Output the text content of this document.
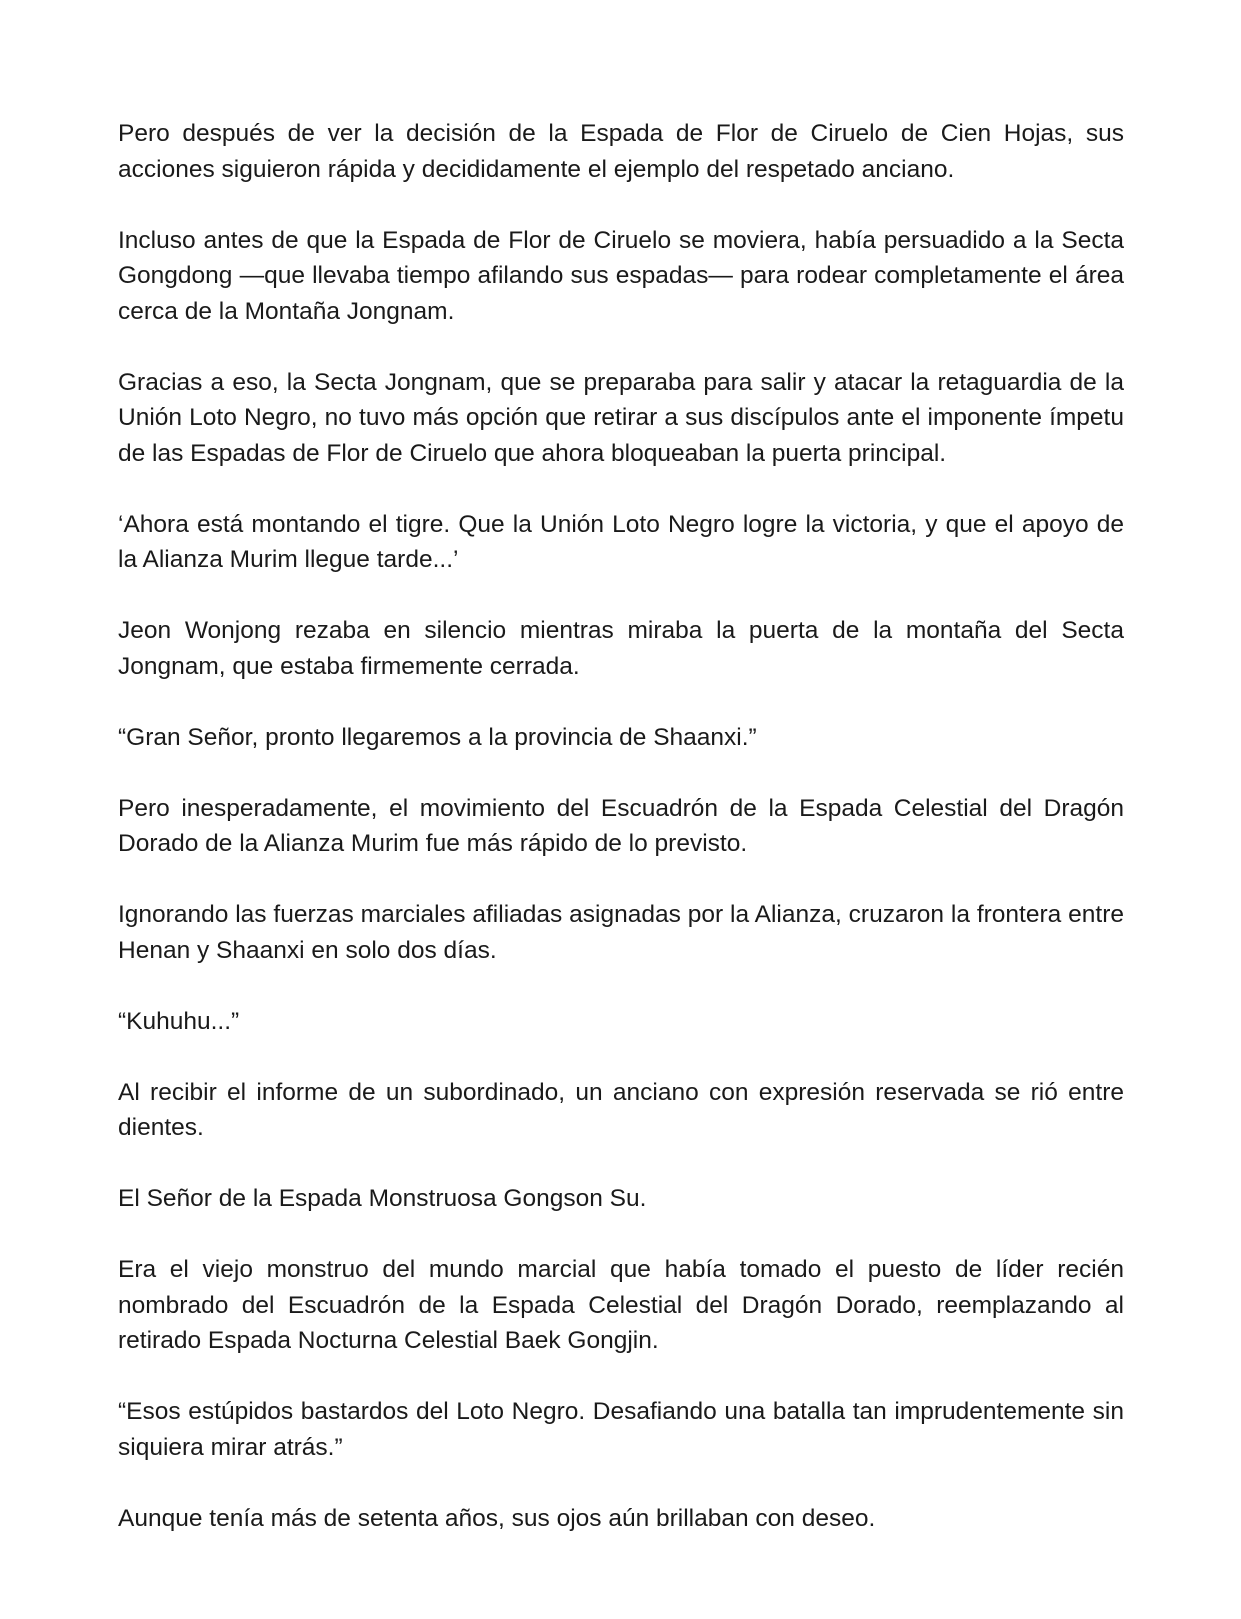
Pero después de ver la decisión de la Espada de Flor de Ciruelo de Cien Hojas, sus acciones siguieron rápida y decididamente el ejemplo del respetado anciano.

Incluso antes de que la Espada de Flor de Ciruelo se moviera, había persuadido a la Secta Gongdong —que llevaba tiempo afilando sus espadas— para rodear completamente el área cerca de la Montaña Jongnam.

Gracias a eso, la Secta Jongnam, que se preparaba para salir y atacar la retaguardia de la Unión Loto Negro, no tuvo más opción que retirar a sus discípulos ante el imponente ímpetu de las Espadas de Flor de Ciruelo que ahora bloqueaban la puerta principal.

‘Ahora está montando el tigre. Que la Unión Loto Negro logre la victoria, y que el apoyo de la Alianza Murim llegue tarde...’

Jeon Wonjong rezaba en silencio mientras miraba la puerta de la montaña del Secta Jongnam, que estaba firmemente cerrada.

“Gran Señor, pronto llegaremos a la provincia de Shaanxi.”

Pero inesperadamente, el movimiento del Escuadrón de la Espada Celestial del Dragón Dorado de la Alianza Murim fue más rápido de lo previsto.

Ignorando las fuerzas marciales afiliadas asignadas por la Alianza, cruzaron la frontera entre Henan y Shaanxi en solo dos días.

“Kuhuhu...”

Al recibir el informe de un subordinado, un anciano con expresión reservada se rió entre dientes.

El Señor de la Espada Monstruosa Gongson Su.

Era el viejo monstruo del mundo marcial que había tomado el puesto de líder recién nombrado del Escuadrón de la Espada Celestial del Dragón Dorado, reemplazando al retirado Espada Nocturna Celestial Baek Gongjin.

“Esos estúpidos bastardos del Loto Negro. Desafiando una batalla tan imprudentemente sin siquiera mirar atrás.”

Aunque tenía más de setenta años, sus ojos aún brillaban con deseo.
